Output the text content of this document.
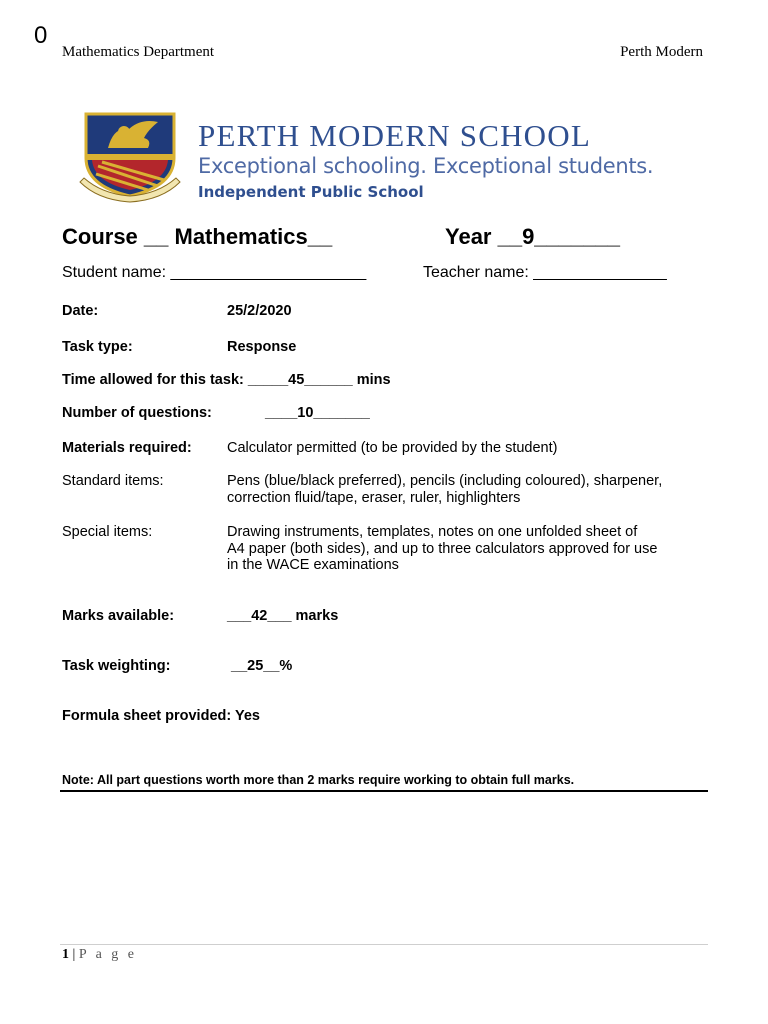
0
Mathematics Department	Perth Modern
PERTH MODERN SCHOOL
Exceptional schooling. Exceptional students.
Independent Public School
Course __ Mathematics__	Year __9_______
Student name: ______________________	Teacher name: _______________
Date:	25/2/2020
Task type:	Response
Time allowed for this task: _____45______ mins
Number of questions:	____10_______
Materials required: Calculator permitted (to be provided by the student)
Standard items:	Pens (blue/black preferred), pencils (including coloured), sharpener,
correction fluid/tape, eraser, ruler, highlighters
Special items:	Drawing instruments, templates, notes on one unfolded sheet of
A4 paper (both sides), and up to three calculators approved for use
in the WACE examinations
Marks available:	___42___ marks
Task weighting:	__25__%
Formula sheet provided: Yes
Note: All part questions worth more than 2 marks require working to obtain full marks.
1 | P a g e
